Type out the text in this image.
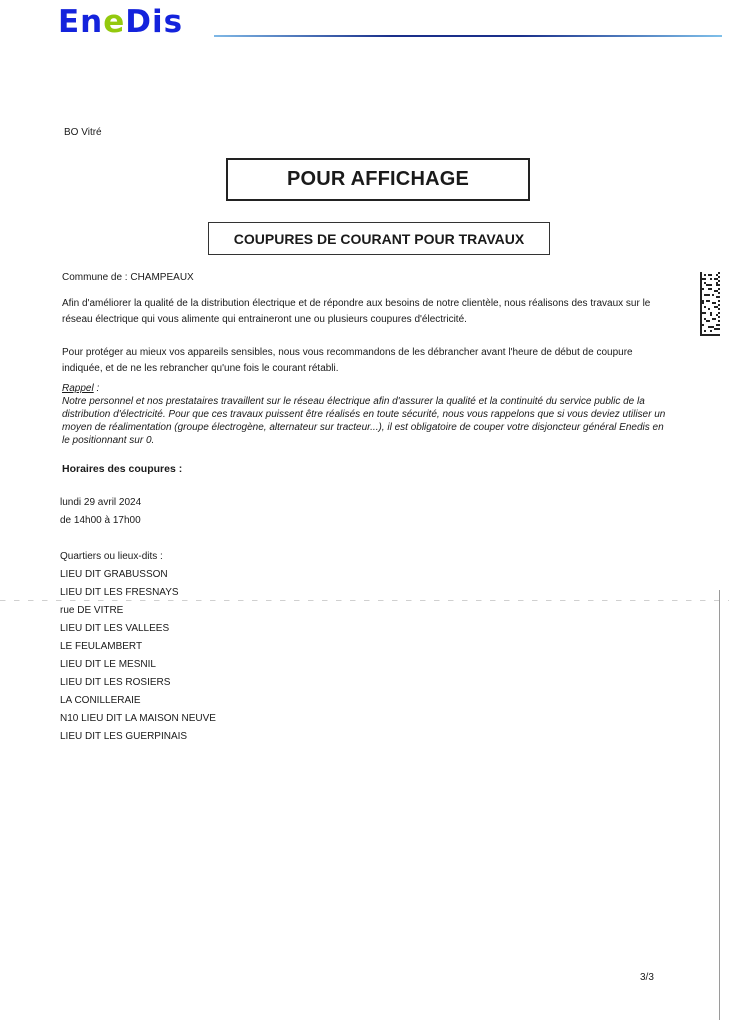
EneDis
BO Vitré
POUR AFFICHAGE
COUPURES DE COURANT POUR TRAVAUX
Commune de : CHAMPEAUX
Afin d'améliorer la qualité de la distribution électrique et de répondre aux besoins de notre clientèle, nous réalisons des travaux sur le réseau électrique qui vous alimente qui entraineront une ou plusieurs coupures d'électricité.
Pour protéger au mieux vos appareils sensibles, nous vous recommandons de les débrancher avant l'heure de début de coupure indiquée, et de ne les rebrancher qu'une fois le courant rétabli.
Rappel :
Notre personnel et nos prestataires travaillent sur le réseau électrique afin d'assurer la qualité et la continuité du service public de la distribution d'électricité. Pour que ces travaux puissent être réalisés en toute sécurité, nous vous rappelons que si vous deviez utiliser un moyen de réalimentation (groupe électrogène, alternateur sur tracteur...), il est obligatoire de couper votre disjoncteur général Enedis en le positionnant sur 0.
Horaires des coupures :
lundi 29 avril 2024
de 14h00 à 17h00
Quartiers ou lieux-dits :
LIEU DIT GRABUSSON
LIEU DIT LES FRESNAYS
rue DE VITRE
LIEU DIT LES VALLEES
LE FEULAMBERT
LIEU DIT LE MESNIL
LIEU DIT LES ROSIERS
LA CONILLERAIE
N10 LIEU DIT LA MAISON NEUVE
LIEU DIT LES GUERPINAIS
3/3
